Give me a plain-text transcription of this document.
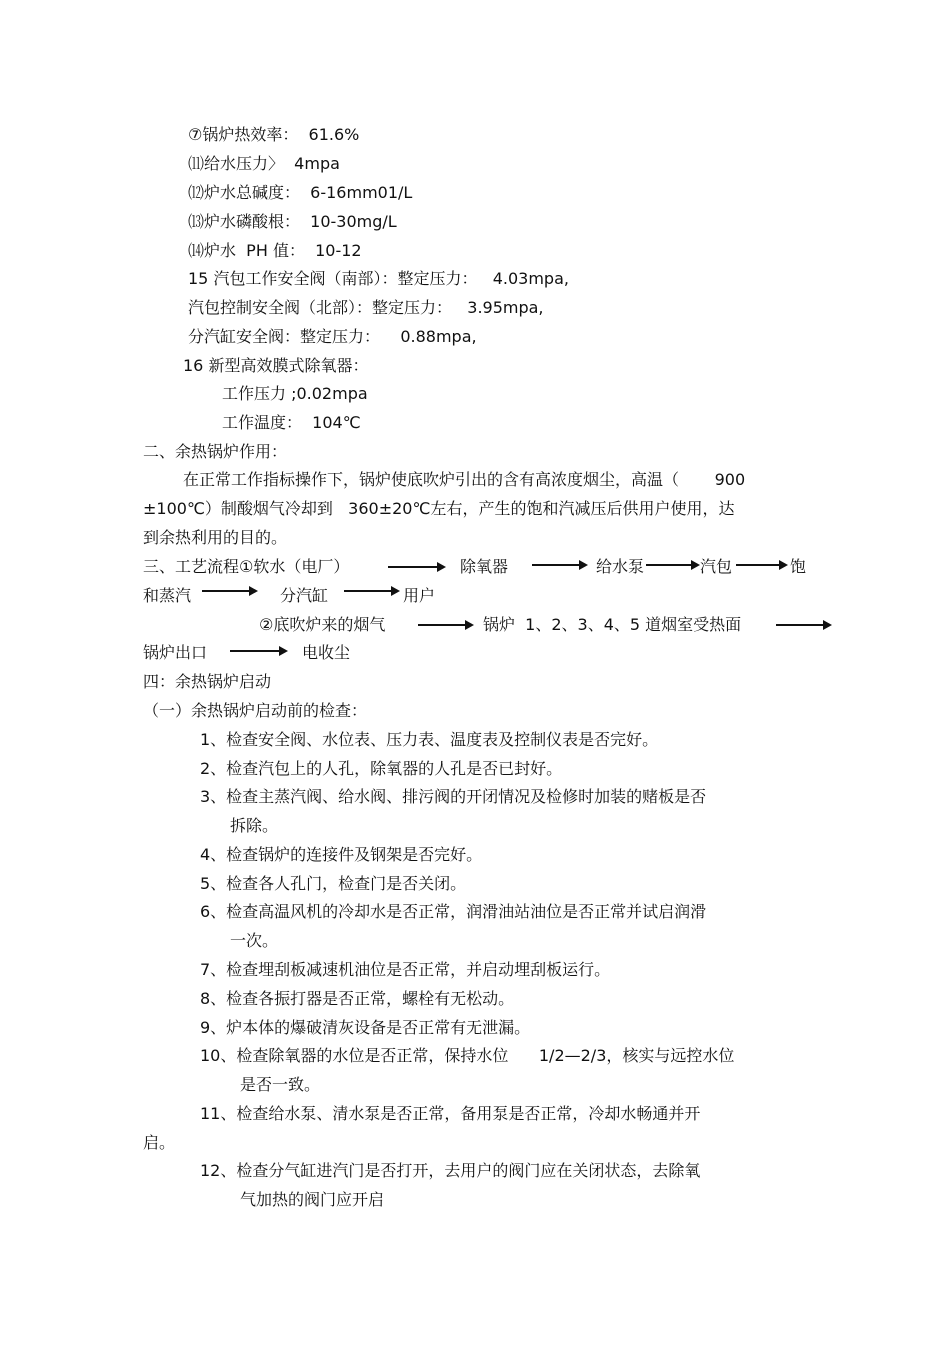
⑦锅炉热效率：  61.6%
⑾给水压力〉  4mpa
⑿炉水总碱度：  6-16mm01/L
⒀炉水磷酸根：  10-30mg/L
⒁炉水  PH 值：  10-12
15 汽包工作安全阀（南部）：整定压力：   4.03mpa,
汽包控制安全阀（北部）：整定压力：   3.95mpa,
分汽缸安全阀：整定压力：    0.88mpa,
16 新型高效膜式除氧器：
工作压力 ;0.02mpa
工作温度：  104℃
二、余热锅炉作用：
在正常工作指标操作下，锅炉使底吹炉引出的含有高浓度烟尘，高温（       900
±100℃）制酸烟气冷却到   360±20℃左右，产生的饱和汽减压后供用户使用，达
到余热利用的目的。
三、工艺流程①软水（电厂）	除氧器	给水泵	汽包	饱
和蒸汽	分汽缸	用户
②底吹炉来的烟气	锅炉  1、2、3、4、5 道烟室受热面
锅炉出口	电收尘
四：余热锅炉启动
（一）余热锅炉启动前的检查：
1、检查安全阀、水位表、压力表、温度表及控制仪表是否完好。
2、检查汽包上的人孔，除氧器的人孔是否已封好。
3、检查主蒸汽阀、给水阀、排污阀的开闭情况及检修时加装的赌板是否
拆除。
4、检查锅炉的连接件及钢架是否完好。
5、检查各人孔门，检查门是否关闭。
6、检查高温风机的冷却水是否正常，润滑油站油位是否正常并试启润滑
一次。
7、检查埋刮板减速机油位是否正常，并启动埋刮板运行。
8、检查各振打器是否正常，螺栓有无松动。
9、炉本体的爆破清灰设备是否正常有无泄漏。
10、检查除氧器的水位是否正常，保持水位      1/2—2/3，核实与远控水位
是否一致。
11、检查给水泵、清水泵是否正常，备用泵是否正常，冷却水畅通并开
启。
12、检查分气缸进汽门是否打开，去用户的阀门应在关闭状态，去除氧
气加热的阀门应开启
